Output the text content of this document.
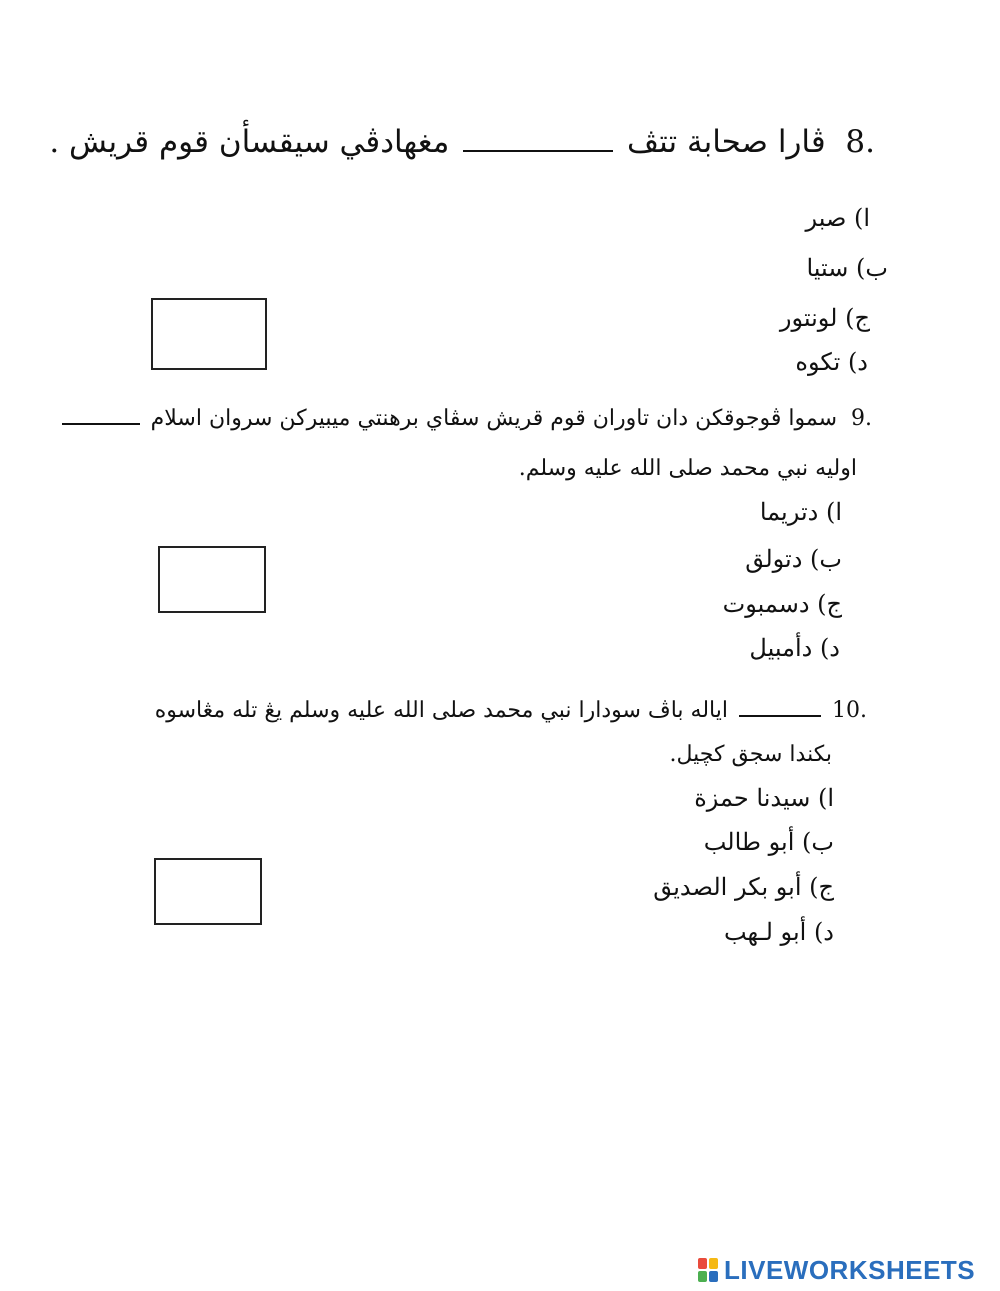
8.  ڤارا صحابة تتڤ  مغهادڤي سيقسأن قوم قريش .
ا) صبر
ب) ستيا
ج) لونتور
د) تكوه
9.  سموا ڤوجوقكن دان تاوران قوم قريش سڤاي برهنتي ميبيركن سروان اسلام
اوليه نبي محمد صلى الله عليه وسلم.
ا) دتريما
ب) دتولق
ج) دسمبوت
د) دأمبيل
10.  اياله باڤ سودارا نبي محمد صلى الله عليه وسلم يڠ تله مڠاسوه
بكندا سجق كچيل.
ا) سيدنا حمزة
ب) أبو طالب
ج) أبو بكر الصديق
د) أبو لـهب
LIVEWORKSHEETS
